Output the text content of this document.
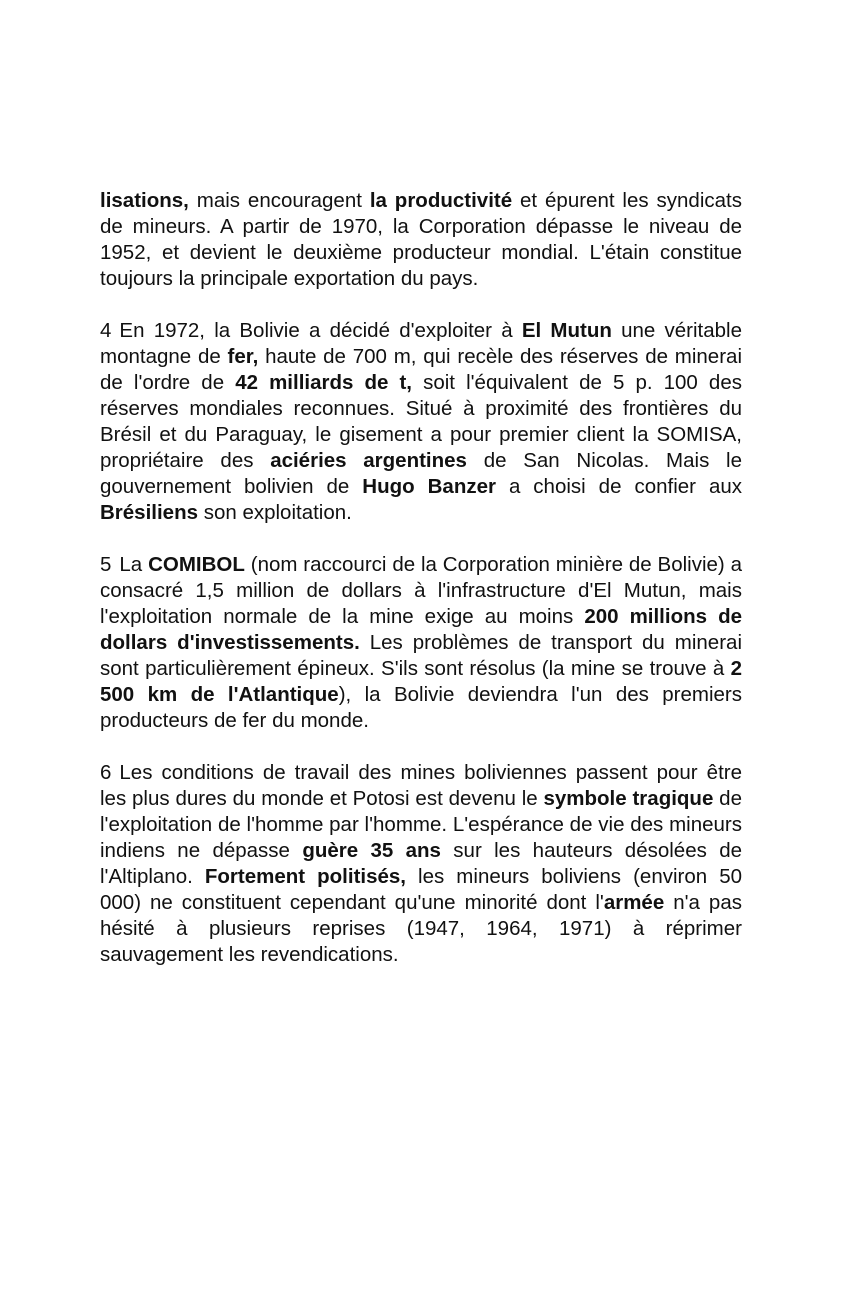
lisations, mais encouragent la productivité et épurent les syndicats de mineurs. A partir de 1970, la Corporation dépasse le niveau de 1952, et devient le deuxième producteur mondial. L'étain constitue toujours la principale exportation du pays.

4 En 1972, la Bolivie a décidé d'exploiter à El Mutun une véritable montagne de fer, haute de 700 m, qui recèle des réserves de minerai de l'ordre de 42 milliards de t, soit l'équivalent de 5 p. 100 des réserves mondiales reconnues. Situé à proximité des frontières du Brésil et du Paraguay, le gisement a pour premier client la SOMISA, propriétaire des aciéries argentines de San Nicolas. Mais le gouvernement bolivien de Hugo Banzer a choisi de confier aux Brésiliens son exploitation.

5 La COMIBOL (nom raccourci de la Corporation minière de Bolivie) a consacré 1,5 million de dollars à l'infrastructure d'El Mutun, mais l'exploitation normale de la mine exige au moins 200 millions de dollars d'investissements. Les problèmes de transport du minerai sont particulièrement épineux. S'ils sont résolus (la mine se trouve à 2 500 km de l'Atlantique), la Bolivie deviendra l'un des premiers producteurs de fer du monde.

6 Les conditions de travail des mines boliviennes passent pour être les plus dures du monde et Potosi est devenu le symbole tragique de l'exploitation de l'homme par l'homme. L'espérance de vie des mineurs indiens ne dépasse guère 35 ans sur les hauteurs désolées de l'Altiplano. Fortement politisés, les mineurs boliviens (environ 50 000) ne constituent cependant qu'une minorité dont l'armée n'a pas hésité à plusieurs reprises (1947, 1964, 1971) à réprimer sauvagement les revendications.
